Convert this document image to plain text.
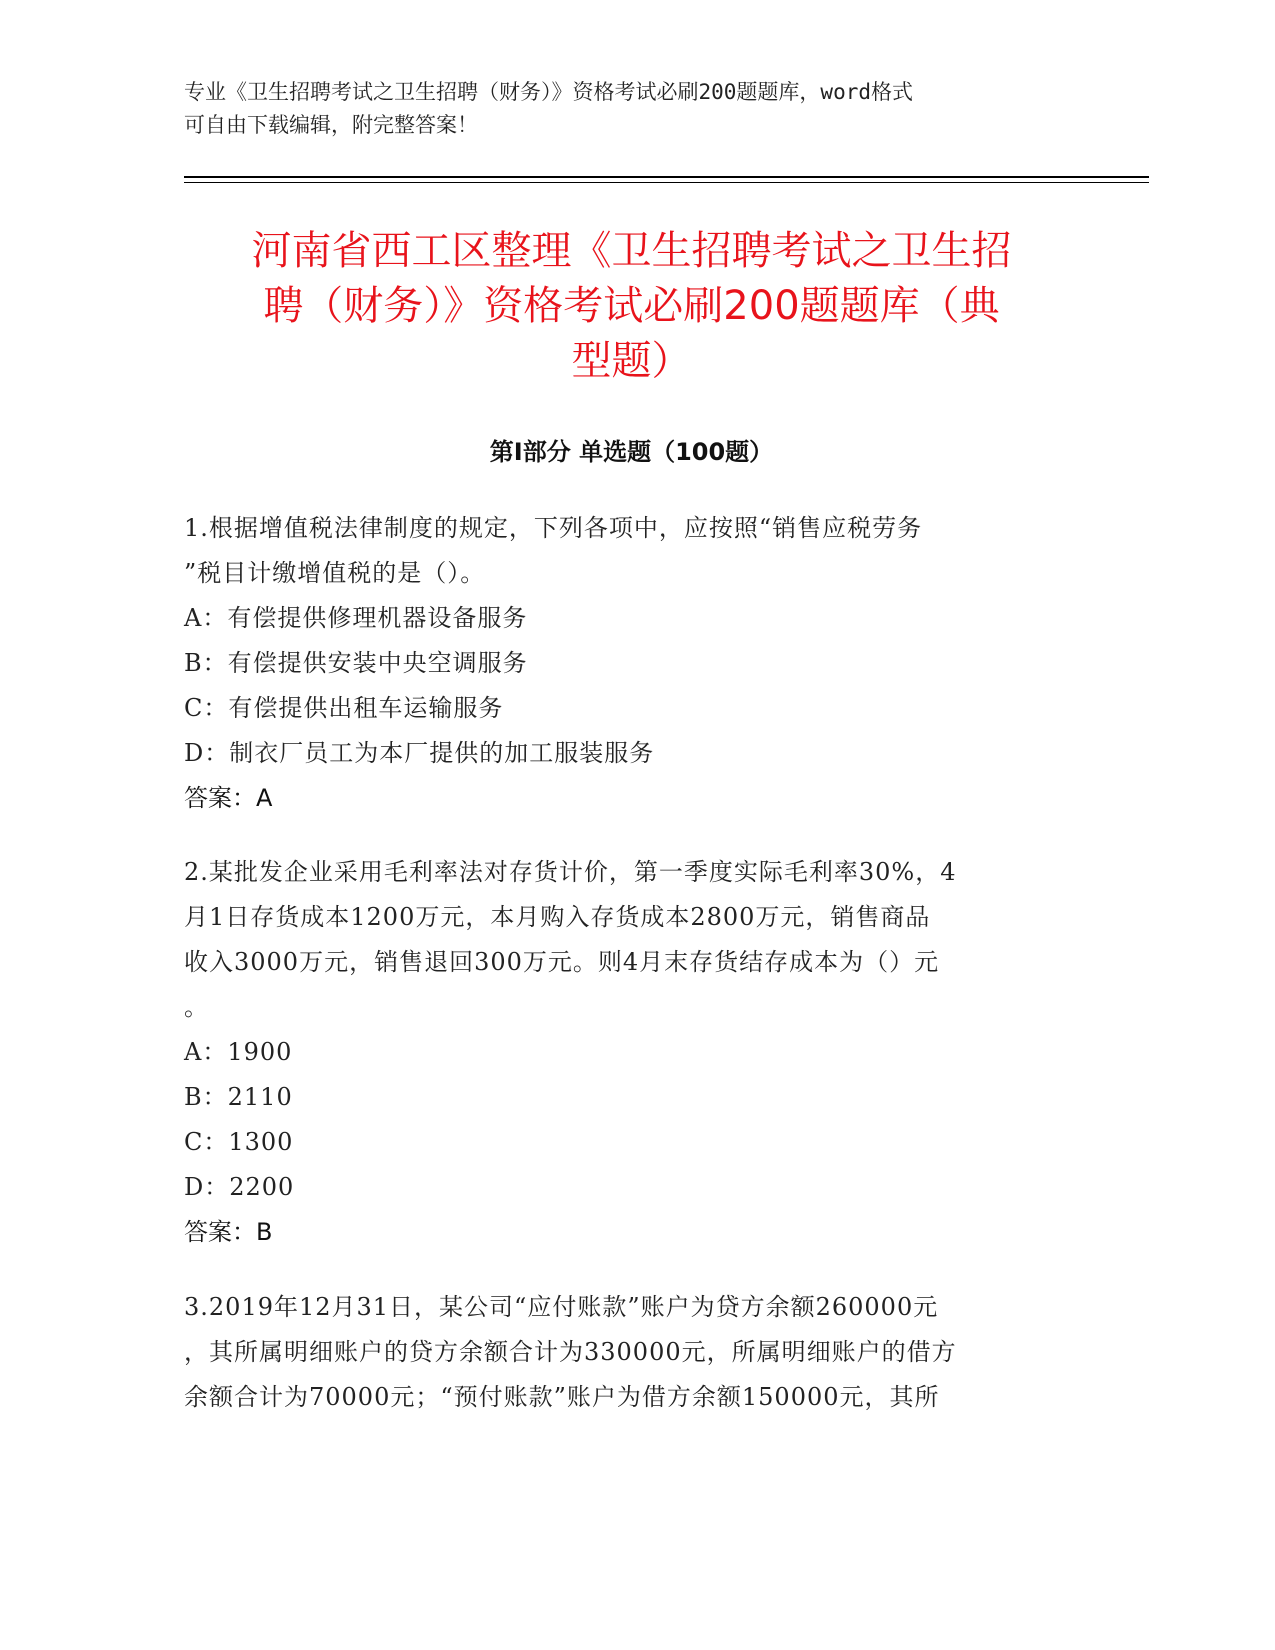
专业《卫生招聘考试之卫生招聘（财务）》资格考试必刷200题题库，word格式
可自由下载编辑，附完整答案！
河南省西工区整理《卫生招聘考试之卫生招
聘（财务）》资格考试必刷200题题库（典
型题）
第Ⅰ部分 单选题（100题）

1.根据增值税法律制度的规定，下列各项中，应按照“销售应税劳务

”税目计缴增值税的是（）。

A：有偿提供修理机器设备服务

B：有偿提供安装中央空调服务

C：有偿提供出租车运输服务

D：制衣厂员工为本厂提供的加工服装服务

答案：A

2.某批发企业采用毛利率法对存货计价，第一季度实际毛利率30%，4

月1日存货成本1200万元，本月购入存货成本2800万元，销售商品

收入3000万元，销售退回300万元。则4月末存货结存成本为（）元

。

A：1900

B：2110

C：1300

D：2200

答案：B

3.2019年12月31日，某公司“应付账款”账户为贷方余额260000元

，其所属明细账户的贷方余额合计为330000元，所属明细账户的借方

余额合计为70000元；“预付账款”账户为借方余额150000元，其所
